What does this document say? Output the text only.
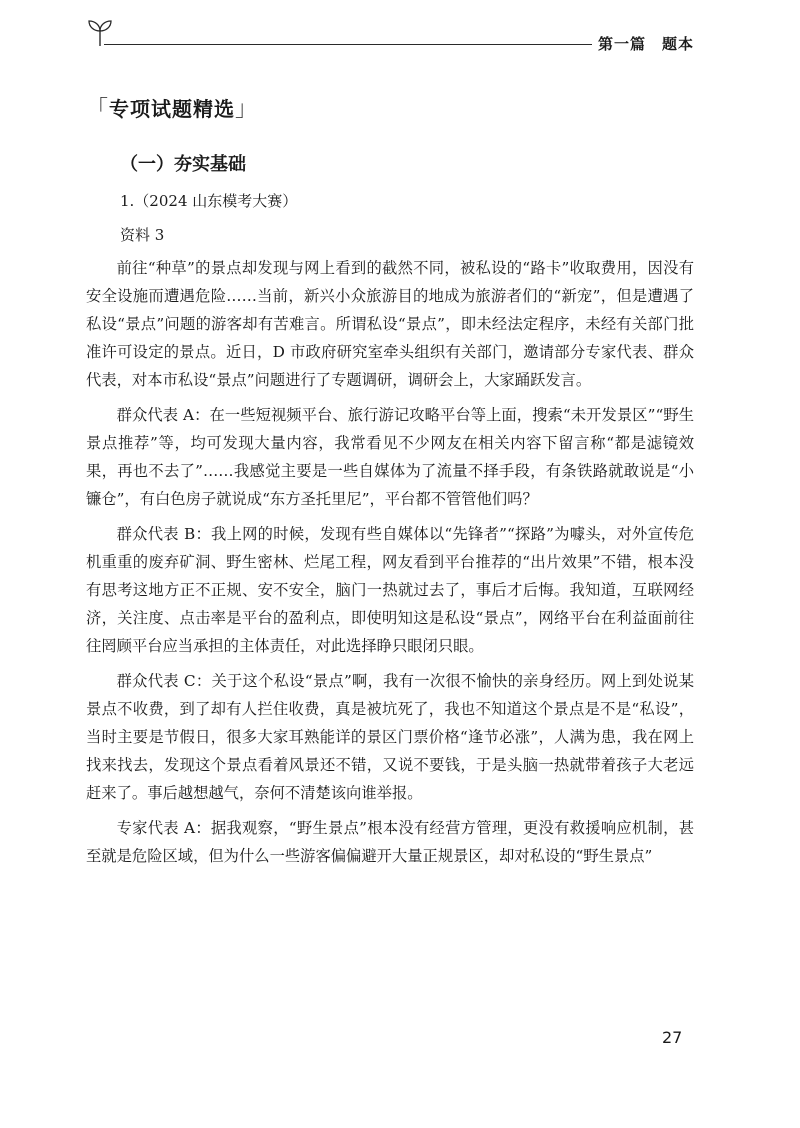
第一篇　题本
「专项试题精选」
（一）夯实基础
1.（2024 山东模考大赛）
资料 3

前往“种草”的景点却发现与网上看到的截然不同，被私设的“路卡”收取费用，因没有安全设施而遭遇危险……当前，新兴小众旅游目的地成为旅游者们的“新宠”，但是遭遇了私设“景点”问题的游客却有苦难言。所谓私设“景点”，即未经法定程序，未经有关部门批准许可设定的景点。近日，D 市政府研究室牵头组织有关部门，邀请部分专家代表、群众代表，对本市私设“景点”问题进行了专题调研，调研会上，大家踊跃发言。

群众代表 A：在一些短视频平台、旅行游记攻略平台等上面，搜索“未开发景区”“野生景点推荐”等，均可发现大量内容，我常看见不少网友在相关内容下留言称“都是滤镜效果，再也不去了”……我感觉主要是一些自媒体为了流量不择手段，有条铁路就敢说是“小镰仓”，有白色房子就说成“东方圣托里尼”，平台都不管管他们吗？

群众代表 B：我上网的时候，发现有些自媒体以“先锋者”“探路”为噱头，对外宣传危机重重的废弃矿洞、野生密林、烂尾工程，网友看到平台推荐的“出片效果”不错，根本没有思考这地方正不正规、安不安全，脑门一热就过去了，事后才后悔。我知道，互联网经济，关注度、点击率是平台的盈利点，即使明知这是私设“景点”，网络平台在利益面前往往罔顾平台应当承担的主体责任，对此选择睁只眼闭只眼。

群众代表 C：关于这个私设“景点”啊，我有一次很不愉快的亲身经历。网上到处说某景点不收费，到了却有人拦住收费，真是被坑死了，我也不知道这个景点是不是“私设”，当时主要是节假日，很多大家耳熟能详的景区门票价格“逢节必涨”，人满为患，我在网上找来找去，发现这个景点看着风景还不错，又说不要钱，于是头脑一热就带着孩子大老远赶来了。事后越想越气，奈何不清楚该向谁举报。

专家代表 A：据我观察，“野生景点”根本没有经营方管理，更没有救援响应机制，甚至就是危险区域，但为什么一些游客偏偏避开大量正规景区，却对私设的“野生景点”

27
